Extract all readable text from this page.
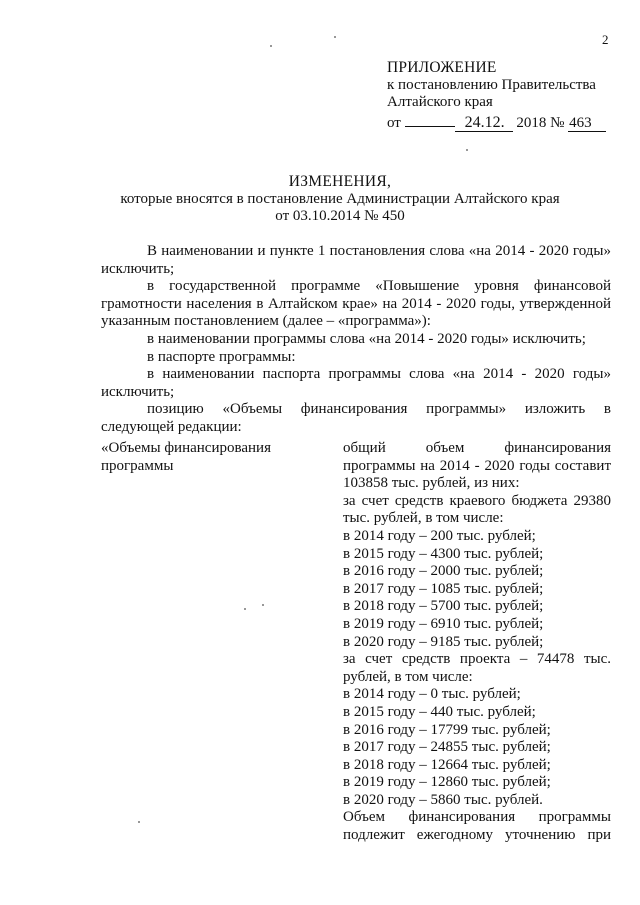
2
ПРИЛОЖЕНИЕ
к постановлению Правительства
Алтайского края
от	24.12. 2018 № 463
ИЗМЕНЕНИЯ,
которые вносятся в постановление Администрации Алтайского края
от 03.10.2014 № 450

В наименовании и пункте 1 постановления слова «на 2014 - 2020 годы» исключить;

в государственной программе «Повышение уровня финансовой грамотности населения в Алтайском крае» на 2014 - 2020 годы, утвержденной указанным постановлением (далее – «программа»):

в наименовании программы слова «на 2014 - 2020 годы» исключить;

в паспорте программы:

в наименовании паспорта программы слова «на 2014 - 2020 годы» исключить;

позицию «Объемы финансирования программы» изложить в следующей редакции:

«Объемы финансирования программы

общий объем финансирования программы на 2014 - 2020 годы составит 103858 тыс. рублей, из них:

за счет средств краевого бюджета 29380 тыс. рублей, в том числе:

в 2014 году – 200 тыс. рублей;
в 2015 году – 4300 тыс. рублей;
в 2016 году – 2000 тыс. рублей;
в 2017 году – 1085 тыс. рублей;
в 2018 году – 5700 тыс. рублей;
в 2019 году – 6910 тыс. рублей;
в 2020 году – 9185 тыс. рублей;

за счет средств проекта – 74478 тыс. рублей, в том числе:

в 2014 году – 0 тыс. рублей;
в 2015 году – 440 тыс. рублей;
в 2016 году – 17799 тыс. рублей;
в 2017 году – 24855 тыс. рублей;
в 2018 году – 12664 тыс. рублей;
в 2019 году – 12860 тыс. рублей;
в 2020 году – 5860 тыс. рублей.

Объем финансирования программы подлежит ежегодному уточнению при
